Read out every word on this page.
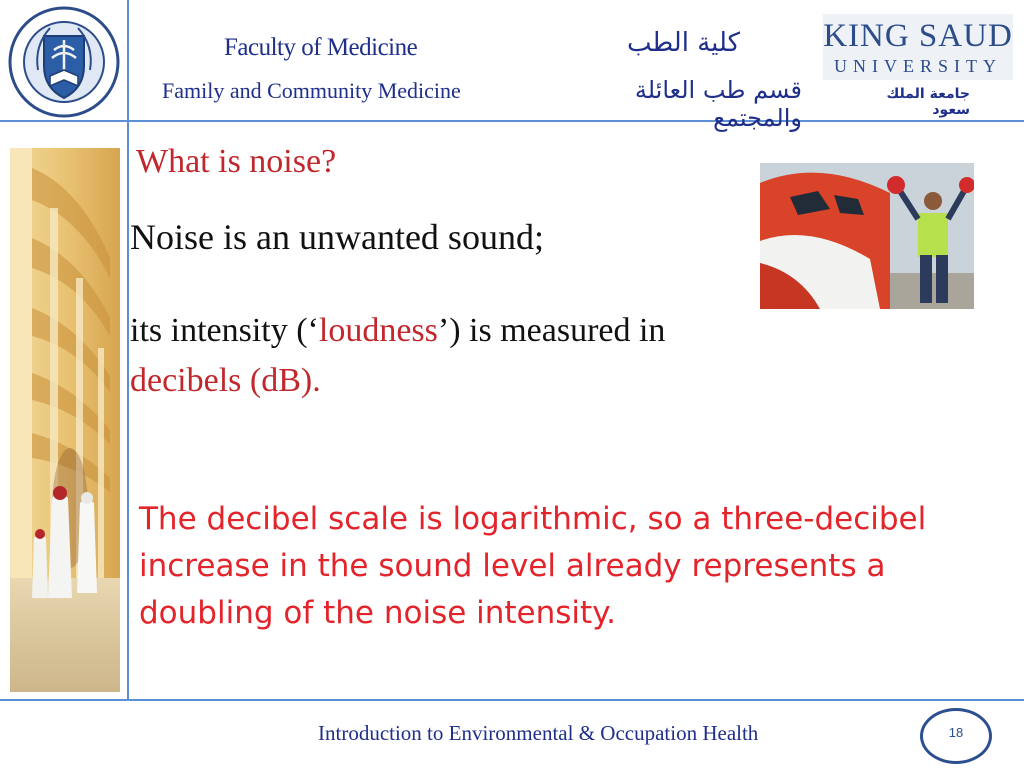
Faculty of Medicine
Family and Community Medicine
كلية الطب
قسم طب العائلة والمجتمع
KING SAUD
UNIVERSITY
جامعة الملك سعود
What is noise?
Noise is an unwanted sound;
its intensity (‘loudness’) is measured in
decibels (dB).
The decibel scale is logarithmic, so a three-decibel increase in the sound level already represents a doubling of the noise intensity.
Introduction to Environmental & Occupation Health	18
